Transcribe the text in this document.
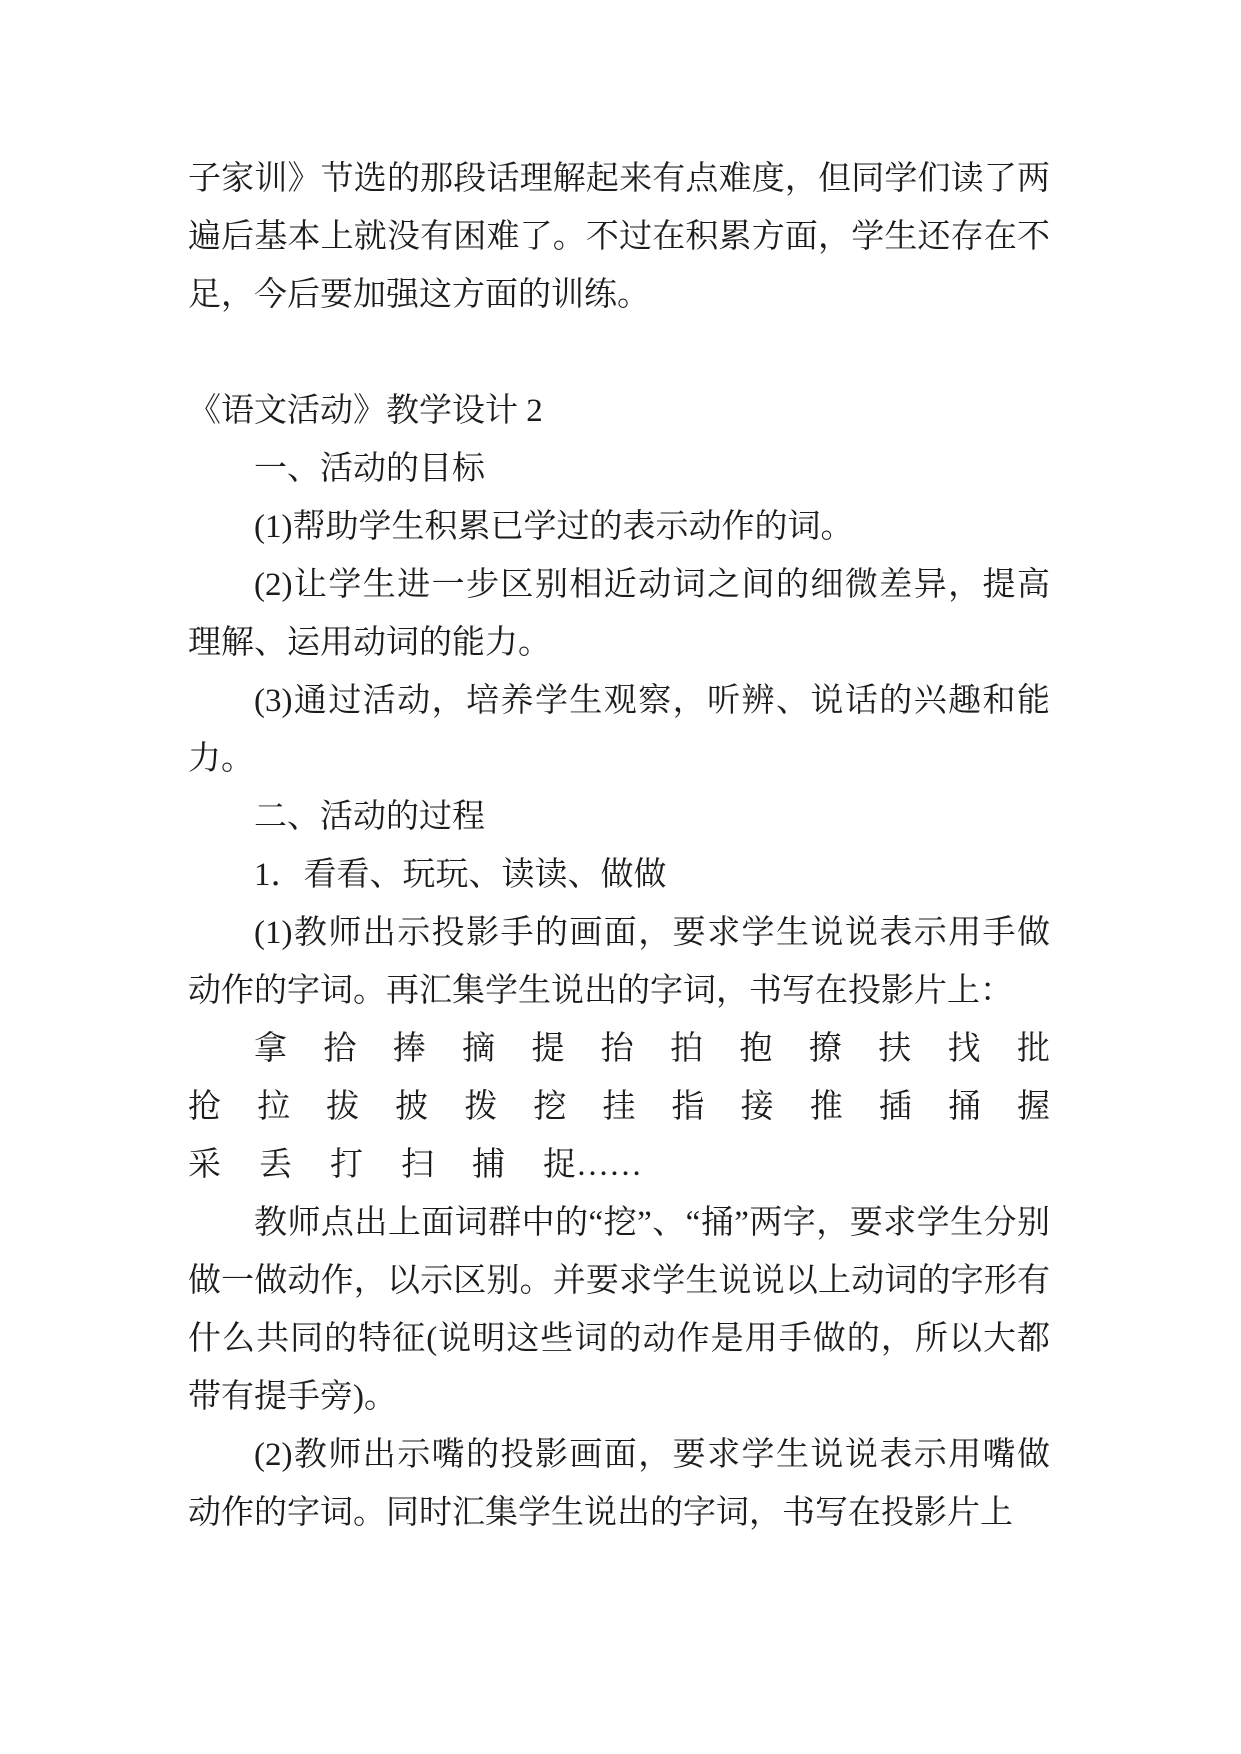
子家训》节选的那段话理解起来有点难度，但同学们读了两遍后基本上就没有困难了。不过在积累方面，学生还存在不足，今后要加强这方面的训练。

《语文活动》教学设计 2

一、活动的目标

(1)帮助学生积累已学过的表示动作的词。

(2)让学生进一步区别相近动词之间的细微差异，提高理解、运用动词的能力。

(3)通过活动，培养学生观察，听辨、说话的兴趣和能力。

二、活动的过程

1．看看、玩玩、读读、做做

(1)教师出示投影手的画面，要求学生说说表示用手做动作的字词。再汇集学生说出的字词，书写在投影片上：

拿 拾 捧 摘 提 抬 拍 抱 撩 扶 找 批
抢 拉 拔 披 拨 挖 挂 指 接 推 插 捅 握
采 丢 打 扫 捕 捉……

教师点出上面词群中的“挖”、“捅”两字，要求学生分别做一做动作，以示区别。并要求学生说说以上动词的字形有什么共同的特征(说明这些词的动作是用手做的，所以大都带有提手旁)。

(2)教师出示嘴的投影画面，要求学生说说表示用嘴做动作的字词。同时汇集学生说出的字词，书写在投影片上
